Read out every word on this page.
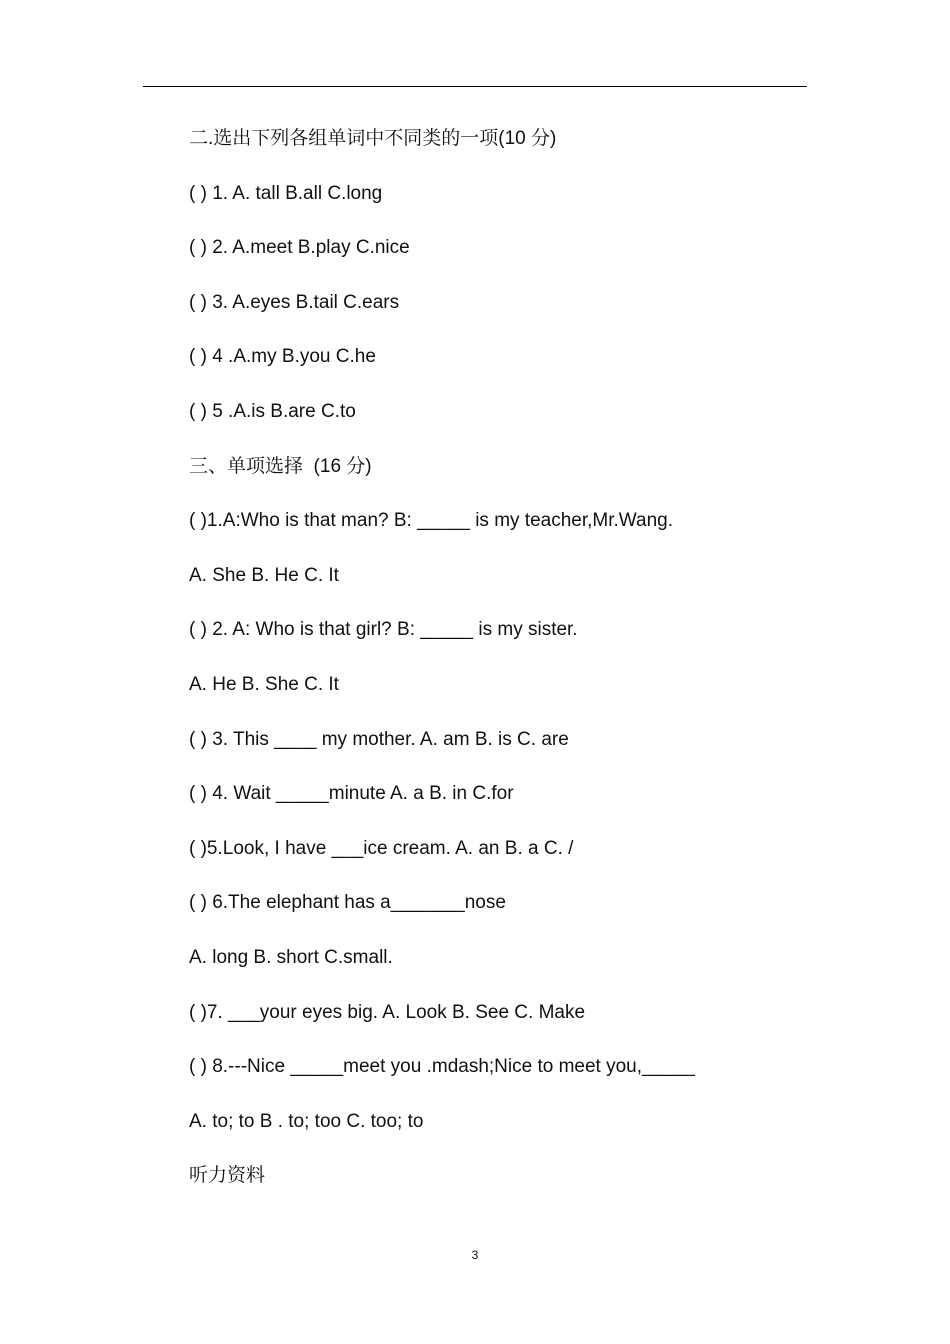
二.选出下列各组单词中不同类的一项(10 分)
( ) 1. A. tall B.all C.long
( ) 2. A.meet B.play C.nice
( ) 3. A.eyes B.tail C.ears
( ) 4 .A.my B.you C.he
( ) 5 .A.is B.are C.to
三、单项选择  (16 分)
( )1.A:Who is that man? B: _____ is my teacher,Mr.Wang.
A. She B. He C. It
( ) 2. A: Who is that girl? B: _____ is my sister.
A. He B. She C. It
( ) 3. This ____ my mother. A. am B. is C. are
( ) 4. Wait _____minute A. a B. in C.for
( )5.Look, I have ___ice cream. A. an B. a C. /
( ) 6.The elephant has a_______nose
A. long B. short C.small.
( )7. ___your eyes big. A. Look B. See C. Make
( ) 8.---Nice _____meet you .mdash;Nice to meet you,_____
A. to; to B . to; too C. too; to
听力资料
3
